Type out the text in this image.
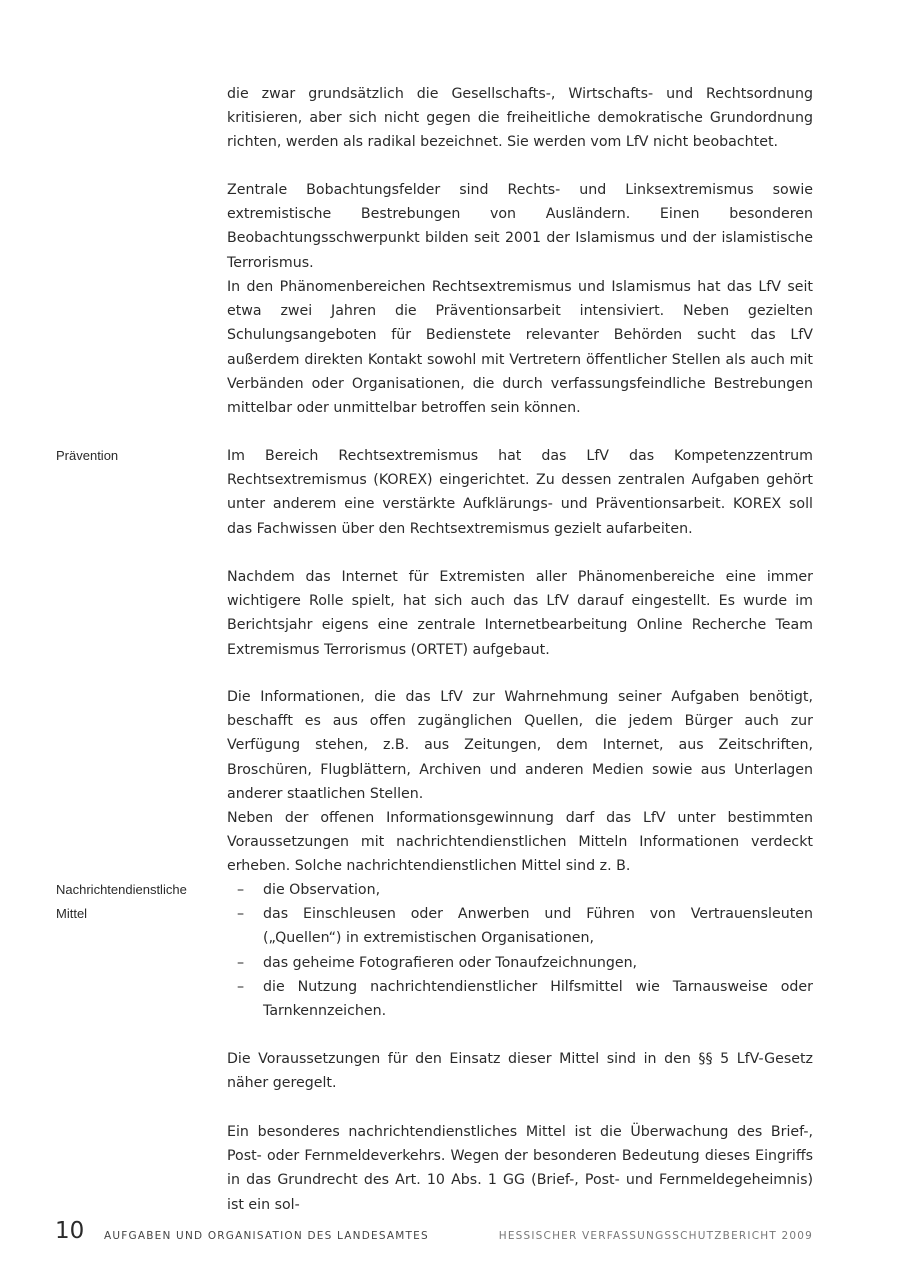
die zwar grundsätzlich die Gesellschafts-, Wirtschafts- und Rechtsordnung kritisieren, aber sich nicht gegen die freiheitliche demokratische Grundordnung richten, werden als radikal bezeichnet. Sie werden vom LfV nicht beobachtet.

Zentrale Bobachtungsfelder sind Rechts- und Linksextremismus sowie extremistische Bestrebungen von Ausländern. Einen besonderen Beobachtungsschwerpunkt bilden seit 2001 der Islamismus und der islamistische Terrorismus.

In den Phänomenbereichen Rechtsextremismus und Islamismus hat das LfV seit etwa zwei Jahren die Präventionsarbeit intensiviert. Neben gezielten Schulungsangeboten für Bedienstete relevanter Behörden sucht das LfV außerdem direkten Kontakt sowohl mit Vertretern öffentlicher Stellen als auch mit Verbänden oder Organisationen, die durch verfassungsfeindliche Bestrebungen mittelbar oder unmittelbar betroffen sein können.

Prävention	Im Bereich Rechtsextremismus hat das LfV das Kompetenzzentrum Rechtsextremismus (KOREX) eingerichtet. Zu dessen zentralen Aufgaben gehört unter anderem eine verstärkte Aufklärungs- und Präventionsarbeit. KOREX soll das Fachwissen über den Rechtsextremismus gezielt aufarbeiten.

Nachdem das Internet für Extremisten aller Phänomenbereiche eine immer wichtigere Rolle spielt, hat sich auch das LfV darauf eingestellt. Es wurde im Berichtsjahr eigens eine zentrale Internetbearbeitung Online Recherche Team Extremismus Terrorismus (ORTET) aufgebaut.

Die Informationen, die das LfV zur Wahrnehmung seiner Aufgaben benötigt, beschafft es aus offen zugänglichen Quellen, die jedem Bürger auch zur Verfügung stehen, z.B. aus Zeitungen, dem Internet, aus Zeitschriften, Broschüren, Flugblättern, Archiven und anderen Medien sowie aus Unterlagen anderer staatlichen Stellen.

Neben der offenen Informationsgewinnung darf das LfV unter bestimmten Voraussetzungen mit nachrichtendienstlichen Mitteln Informationen verdeckt erheben. Solche nachrichtendienstlichen Mittel sind z. B.

Nachrichtendienstliche
Mittel
– die Observation,
– das Einschleusen oder Anwerben und Führen von Vertrauensleuten („Quellen“) in extremistischen Organisationen,
– das geheime Fotografieren oder Tonaufzeichnungen,
– die Nutzung nachrichtendienstlicher Hilfsmittel wie Tarnausweise oder Tarnkennzeichen.

Die Voraussetzungen für den Einsatz dieser Mittel sind in den §§ 5 LfV-Gesetz näher geregelt.

Ein besonderes nachrichtendienstliches Mittel ist die Überwachung des Brief-, Post- oder Fernmeldeverkehrs. Wegen der besonderen Bedeutung dieses Eingriffs in das Grundrecht des Art. 10 Abs. 1 GG (Brief-, Post- und Fernmeldegeheimnis) ist ein sol-

10 AUFGABEN UND ORGANISATION DES LANDESAMTES	HESSISCHER VERFASSUNGSSCHUTZBERICHT 2009
